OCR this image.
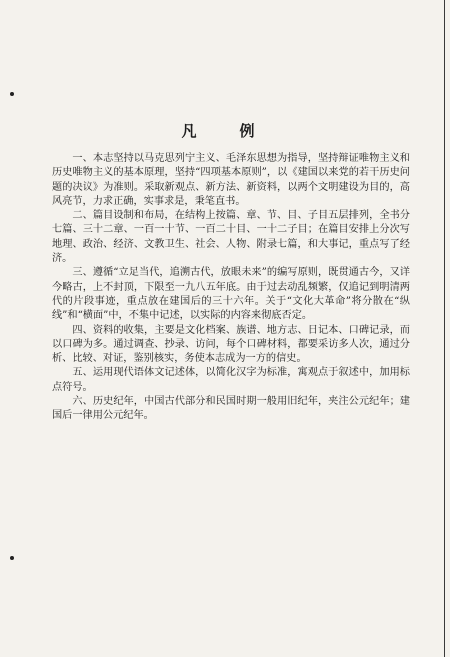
凡　例

一、本志坚持以马克思列宁主义、毛泽东思想为指导，坚持辩证唯物主义和历史唯物主义的基本原理，坚持“四项基本原则”，以《建国以来党的若干历史问题的决议》为准则。采取新观点、新方法、新资料，以两个文明建设为目的，高风亮节，力求正确，实事求是，秉笔直书。

二、篇目设制和布局，在结构上按篇、章、节、目、子目五层排列，全书分七篇、三十二章、一百一十节、一百二十目、一十二子目；在篇目安排上分次写地理、政治、经济、文教卫生、社会、人物、附录七篇，和大事记，重点写了经济。

三、遵循“立足当代，追溯古代，放眼未来”的编写原则，既贯通古今，又详今略古，上不封顶，下限至一九八五年底。由于过去动乱频繁，仅追记到明清两代的片段事迹，重点放在建国后的三十六年。关于“文化大革命”将分散在“纵线”和“横面”中，不集中记述，以实际的内容来彻底否定。

四、资料的收集，主要是文化档案、族谱、地方志、日记本、口碑记录，而以口碑为多。通过调查、抄录、访问，每个口碑材料，都要采访多人次，通过分析、比较、对证，鉴别核实，务使本志成为一方的信史。

五、运用现代语体文记述体，以简化汉字为标准，寓观点于叙述中，加用标点符号。

六、历史纪年，中国古代部分和民国时期一般用旧纪年，夹注公元纪年；建国后一律用公元纪年。
